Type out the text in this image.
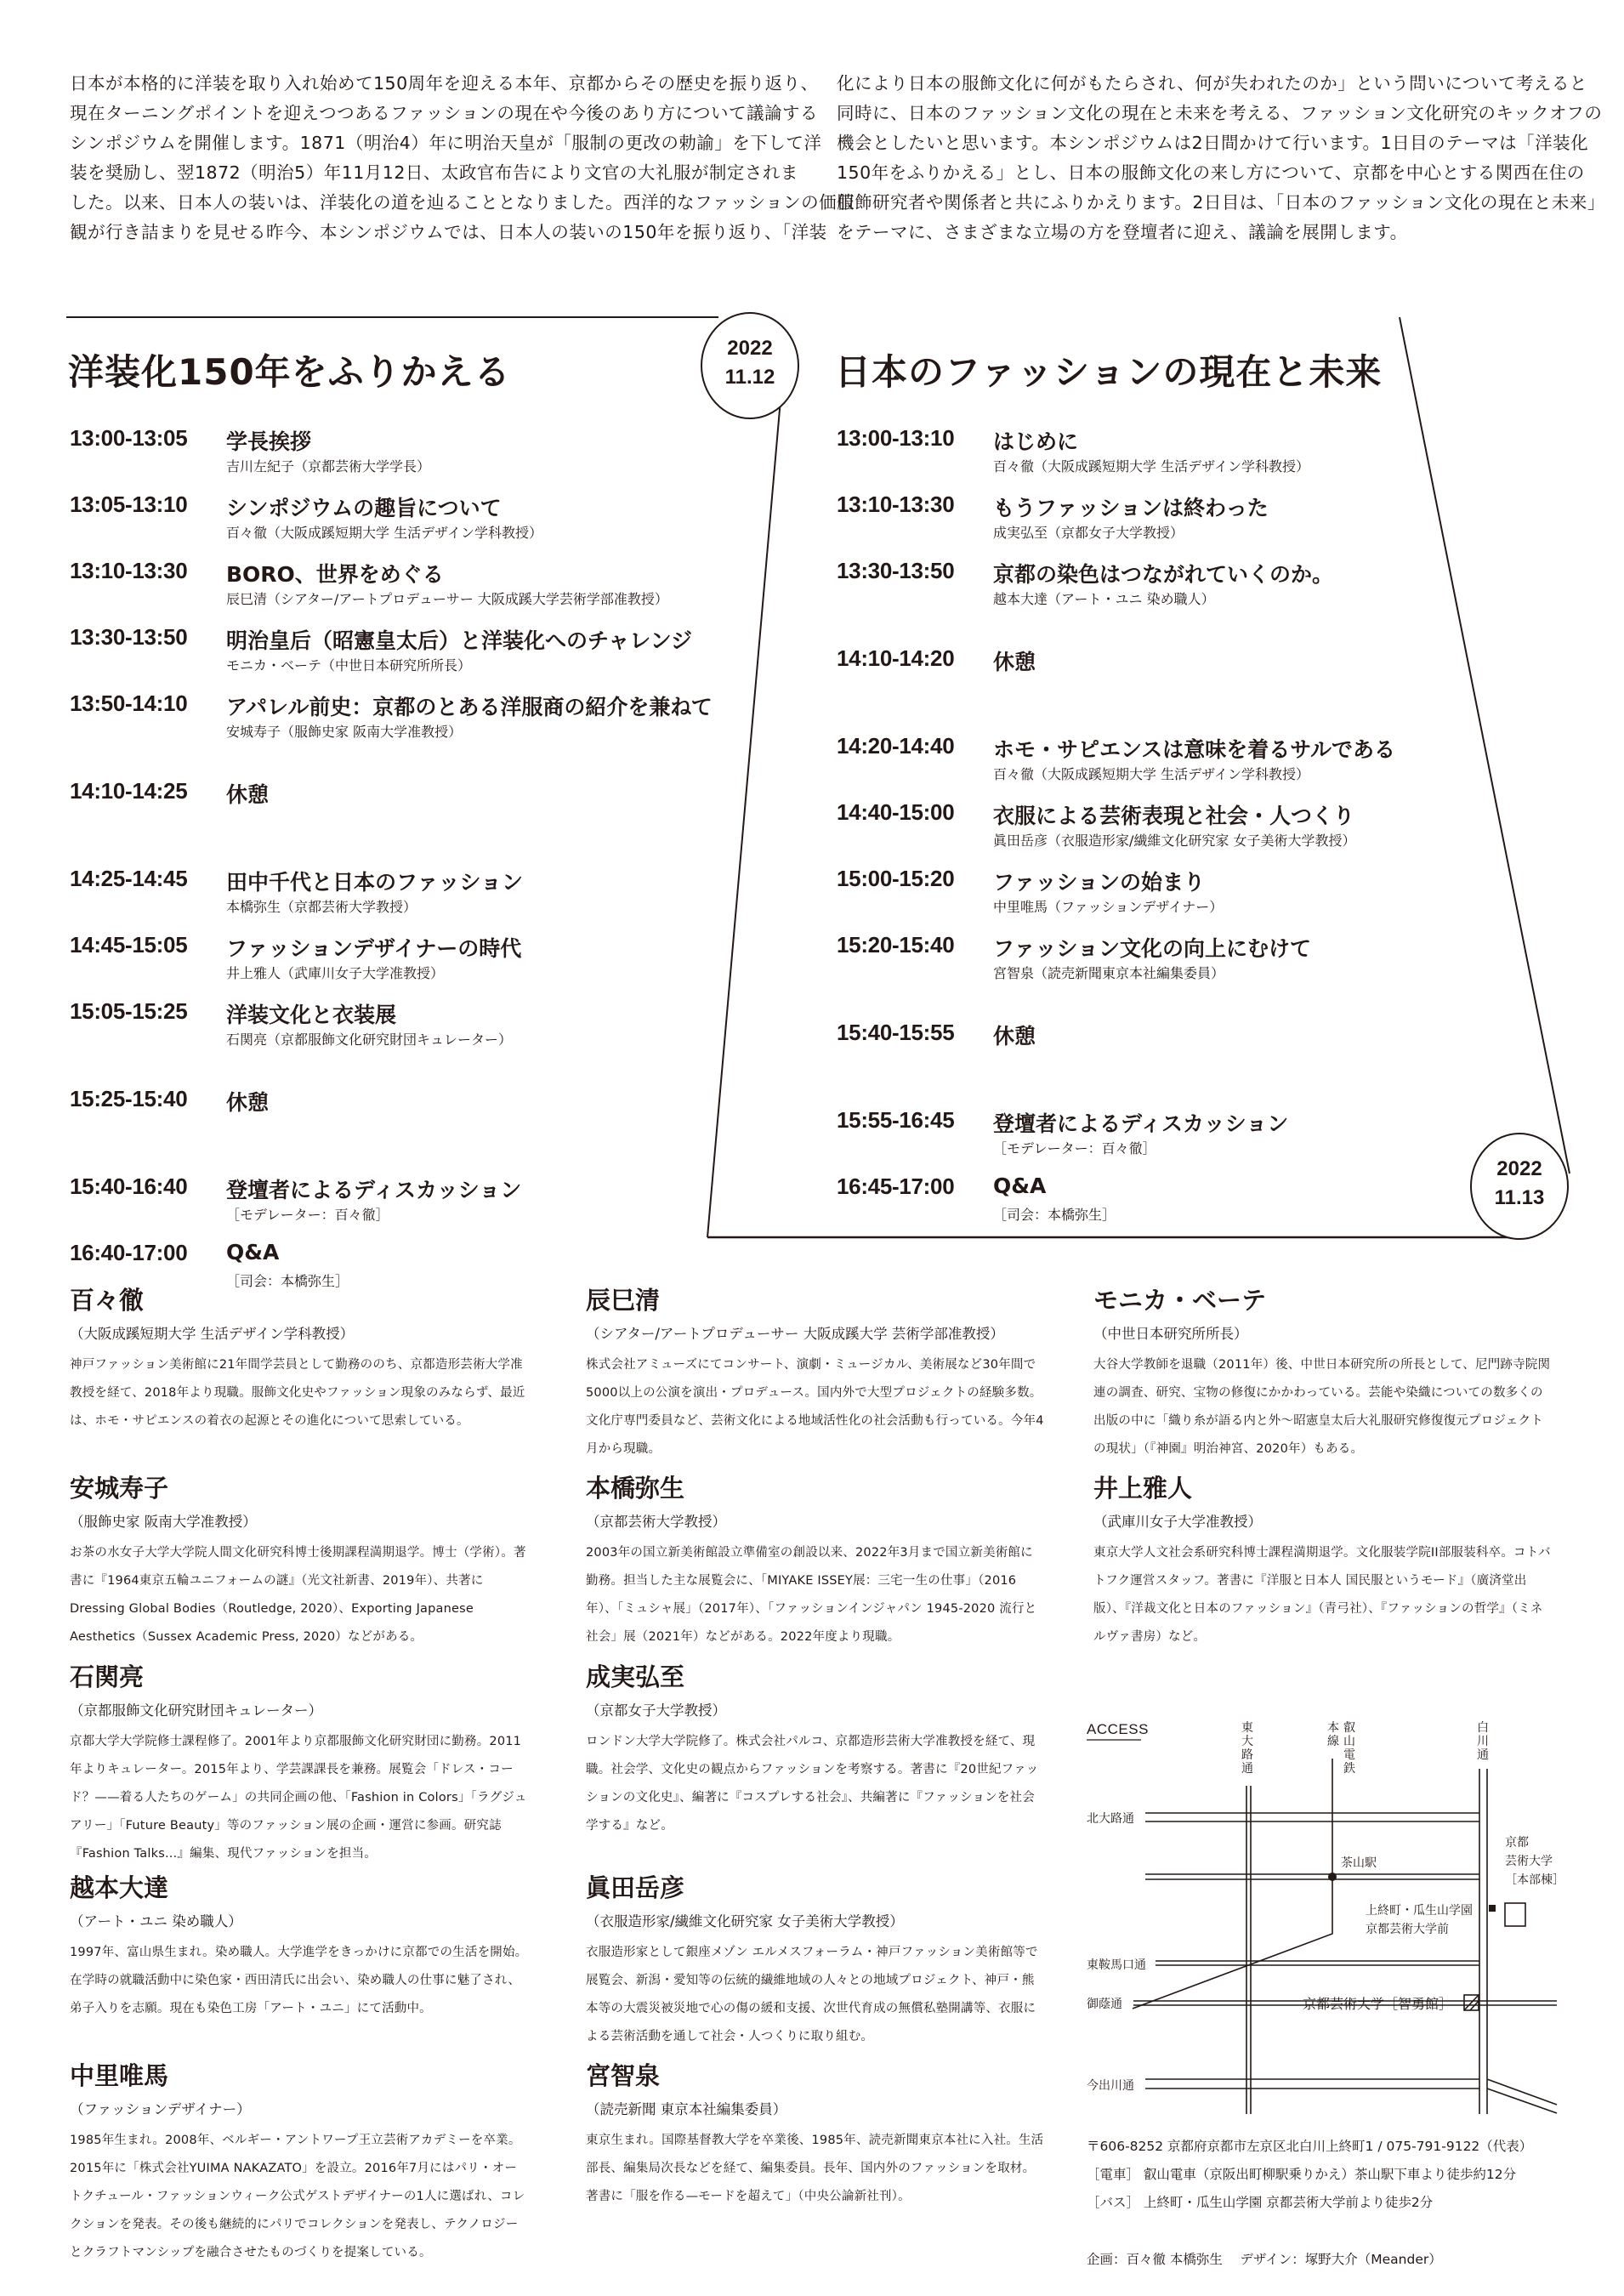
日本が本格的に洋装を取り入れ始めて150周年を迎える本年、京都からその歴史を振り返り、
現在ターニングポイントを迎えつつあるファッションの現在や今後のあり方について議論する
シンポジウムを開催します。1871（明治4）年に明治天皇が「服制の更改の勅諭」を下して洋
装を奨励し、翌1872（明治5）年11月12日、太政官布告により文官の大礼服が制定されま
した。以来、日本人の装いは、洋装化の道を辿ることとなりました。西洋的なファッションの価値
観が行き詰まりを見せる昨今、本シンポジウムでは、日本人の装いの150年を振り返り、「洋装
化により日本の服飾文化に何がもたらされ、何が失われたのか」という問いについて考えると
同時に、日本のファッション文化の現在と未来を考える、ファッション文化研究のキックオフの
機会としたいと思います。本シンポジウムは2日間かけて行います。1日目のテーマは「洋装化
150年をふりかえる」とし、日本の服飾文化の来し方について、京都を中心とする関西在住の
服飾研究者や関係者と共にふりかえります。2日目は、「日本のファッション文化の現在と未来」
をテーマに、さまざまな立場の方を登壇者に迎え、議論を展開します。
2022
11.12
2022
11.13
洋装化150年をふりかえる	日本のファッションの現在と未来
13:00-13:05 学長挨拶
吉川左紀子（京都芸術大学学長）
13:05-13:10 シンポジウムの趣旨について
百々徹（大阪成蹊短期大学 生活デザイン学科教授）
13:10-13:30 BORO、世界をめぐる
辰巳清（シアター/アートプロデューサー 大阪成蹊大学芸術学部准教授）
13:30-13:50 明治皇后（昭憲皇太后）と洋装化へのチャレンジ
モニカ・ベーテ（中世日本研究所所長）
13:50-14:10 アパレル前史：京都のとある洋服商の紹介を兼ねて
安城寿子（服飾史家 阪南大学准教授）
14:10-14:25 休憩
14:25-14:45 田中千代と日本のファッション
本橋弥生（京都芸術大学教授）
14:45-15:05 ファッションデザイナーの時代
井上雅人（武庫川女子大学准教授）
15:05-15:25 洋装文化と衣装展
石関亮（京都服飾文化研究財団キュレーター）
15:25-15:40 休憩
15:40-16:40 登壇者によるディスカッション
［モデレーター：百々徹］
16:40-17:00 Q&A
［司会：本橋弥生］
13:00-13:10 はじめに
百々徹（大阪成蹊短期大学 生活デザイン学科教授）
13:10-13:30 もうファッションは終わった
成実弘至（京都女子大学教授）
13:30-13:50 京都の染色はつながれていくのか。
越本大達（アート・ユニ 染め職人）
14:10-14:20 休憩
14:20-14:40 ホモ・サピエンスは意味を着るサルである
百々徹（大阪成蹊短期大学 生活デザイン学科教授）
14:40-15:00 衣服による芸術表現と社会・人つくり
眞田岳彦（衣服造形家/繊維文化研究家 女子美術大学教授）
15:00-15:20 ファッションの始まり
中里唯馬（ファッションデザイナー）
15:20-15:40 ファッション文化の向上にむけて
宮智泉（読売新聞東京本社編集委員）
15:40-15:55 休憩
15:55-16:45 登壇者によるディスカッション
［モデレーター：百々徹］
16:45-17:00 Q&A
［司会：本橋弥生］
百々徹
（大阪成蹊短期大学 生活デザイン学科教授）
神戸ファッション美術館に21年間学芸員として勤務ののち、京都造形芸術大学准教授を経て、2018年より現職。服飾文化史やファッション現象のみならず、最近は、ホモ・サピエンスの着衣の起源とその進化について思索している。
辰巳清
（シアター/アートプロデューサー 大阪成蹊大学 芸術学部准教授）
株式会社アミューズにてコンサート、演劇・ミュージカル、美術展など30年間で5000以上の公演を演出・プロデュース。国内外で大型プロジェクトの経験多数。文化庁専門委員など、芸術文化による地域活性化の社会活動も行っている。今年4月から現職。
モニカ・ベーテ
（中世日本研究所所長）
大谷大学教師を退職（2011年）後、中世日本研究所の所長として、尼門跡寺院関連の調査、研究、宝物の修復にかかわっている。芸能や染織についての数多くの出版の中に「織り糸が語る内と外〜昭憲皇太后大礼服研究修復復元プロジェクトの現状」（『神園』明治神宮、2020年）もある。
安城寿子
（服飾史家 阪南大学准教授）
お茶の水女子大学大学院人間文化研究科博士後期課程満期退学。博士（学術）。著書に『1964東京五輪ユニフォームの謎』（光文社新書、2019年）、共著にDressing Global Bodies（Routledge, 2020）、Exporting Japanese Aesthetics（Sussex Academic Press, 2020）などがある。
本橋弥生
（京都芸術大学教授）
2003年の国立新美術館設立準備室の創設以来、2022年3月まで国立新美術館に勤務。担当した主な展覧会に、「MIYAKE ISSEY展：三宅一生の仕事」（2016年）、「ミュシャ展」（2017年）、「ファッションインジャパン 1945-2020 流行と社会」展（2021年）などがある。2022年度より現職。
井上雅人
（武庫川女子大学准教授）
東京大学人文社会系研究科博士課程満期退学。文化服装学院II部服装科卒。コトバトフク運営スタッフ。著書に『洋服と日本人 国民服というモード』（廣済堂出版）、『洋裁文化と日本のファッション』（青弓社）、『ファッションの哲学』（ミネルヴァ書房）など。
石関亮
（京都服飾文化研究財団キュレーター）
京都大学大学院修士課程修了。2001年より京都服飾文化研究財団に勤務。2011年よりキュレーター。2015年より、学芸課課長を兼務。展覧会「ドレス・コード？——着る人たちのゲーム」の共同企画の他、「Fashion in Colors」「ラグジュアリー」「Future Beauty」等のファッション展の企画・運営に参画。研究誌『Fashion Talks...』編集、現代ファッションを担当。
成実弘至
（京都女子大学教授）
ロンドン大学大学院修了。株式会社パルコ、京都造形芸術大学准教授を経て、現職。社会学、文化史の観点からファッションを考察する。著書に『20世紀ファッションの文化史』、編著に『コスプレする社会』、共編著に『ファッションを社会学する』など。
越本大達
（アート・ユニ 染め職人）
1997年、富山県生まれ。染め職人。大学進学をきっかけに京都での生活を開始。在学時の就職活動中に染色家・西田清氏に出会い、染め職人の仕事に魅了され、弟子入りを志願。現在も染色工房「アート・ユニ」にて活動中。
眞田岳彦
（衣服造形家/繊維文化研究家 女子美術大学教授）
衣服造形家として銀座メゾン エルメスフォーラム・神戸ファッション美術館等で展覧会、新潟・愛知等の伝統的繊維地域の人々との地域プロジェクト、神戸・熊本等の大震災被災地で心の傷の緩和支援、次世代育成の無償私塾開講等、衣服による芸術活動を通して社会・人つくりに取り組む。
中里唯馬
（ファッションデザイナー）
1985年生まれ。2008年、ベルギー・アントワープ王立芸術アカデミーを卒業。2015年に「株式会社YUIMA NAKAZATO」を設立。2016年7月にはパリ・オートクチュール・ファッションウィーク公式ゲストデザイナーの1人に選ばれ、コレクションを発表。その後も継続的にパリでコレクションを発表し、テクノロジーとクラフトマンシップを融合させたものづくりを提案している。
宮智泉
（読売新聞 東京本社編集委員）
東京生まれ。国際基督教大学を卒業後、1985年、読売新聞東京本社に入社。生活部長、編集局次長などを経て、編集委員。長年、国内外のファッションを取材。著書に「服を作る—モードを超えて」（中央公論新社刊）。
ACCESS	東大路通
本線
叡山電鉄
白川通
北大路通
東鞍馬口通
御蔭通
今出川通
茶山駅
上終町・瓜生山学園
京都芸術大学前
京都
芸術大学
［本部棟］
京都芸術大学［智勇館］
〒606-8252 京都府京都市左京区北白川上終町1 / 075-791-9122（代表）
［電車］ 叡山電車（京阪出町柳駅乗りかえ）茶山駅下車より徒歩約12分
［バス］ 上終町・瓜生山学園 京都芸術大学前より徒歩2分
企画：百々徹 本橋弥生　 デザイン：塚野大介（Meander）
